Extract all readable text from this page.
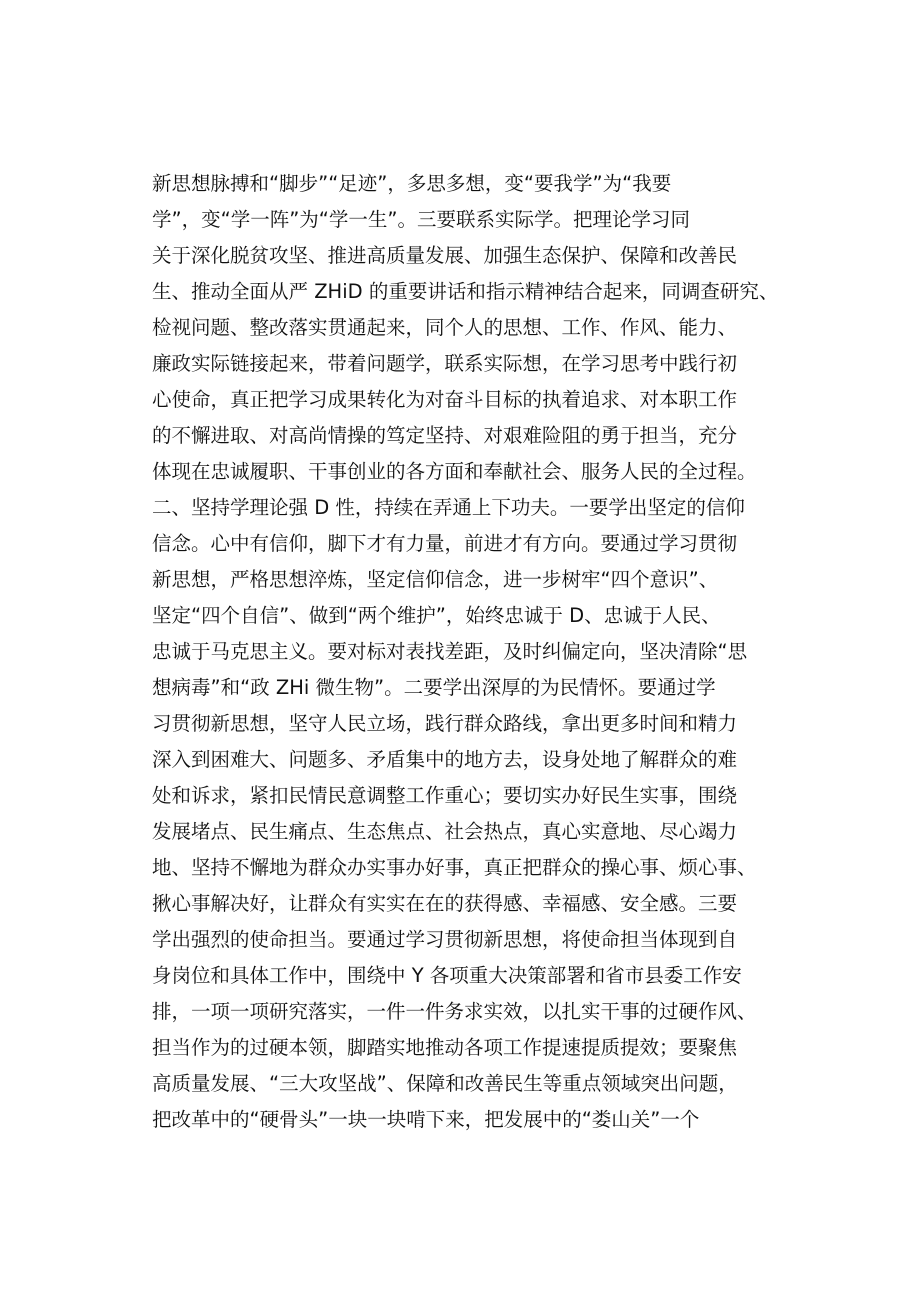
新思想脉搏和“脚步”“足迹”，多思多想，变“要我学”为“我要
学”，变“学一阵”为“学一生”。三要联系实际学。把理论学习同
关于深化脱贫攻坚、推进高质量发展、加强生态保护、保障和改善民
生、推动全面从严 ZHiD 的重要讲话和指示精神结合起来，同调查研究、
检视问题、整改落实贯通起来，同个人的思想、工作、作风、能力、
廉政实际链接起来，带着问题学，联系实际想，在学习思考中践行初
心使命，真正把学习成果转化为对奋斗目标的执着追求、对本职工作
的不懈进取、对高尚情操的笃定坚持、对艰难险阻的勇于担当，充分
体现在忠诚履职、干事创业的各方面和奉献社会、服务人民的全过程。
二、坚持学理论强 D 性，持续在弄通上下功夫。一要学出坚定的信仰
信念。心中有信仰，脚下才有力量，前进才有方向。要通过学习贯彻
新思想，严格思想淬炼，坚定信仰信念，进一步树牢“四个意识”、
坚定“四个自信”、做到“两个维护”，始终忠诚于 D、忠诚于人民、
忠诚于马克思主义。要对标对表找差距，及时纠偏定向，坚决清除“思
想病毒”和“政 ZHi 微生物”。二要学出深厚的为民情怀。要通过学
习贯彻新思想，坚守人民立场，践行群众路线，拿出更多时间和精力
深入到困难大、问题多、矛盾集中的地方去，设身处地了解群众的难
处和诉求，紧扣民情民意调整工作重心；要切实办好民生实事，围绕
发展堵点、民生痛点、生态焦点、社会热点，真心实意地、尽心竭力
地、坚持不懈地为群众办实事办好事，真正把群众的操心事、烦心事、
揪心事解决好，让群众有实实在在的获得感、幸福感、安全感。三要
学出强烈的使命担当。要通过学习贯彻新思想，将使命担当体现到自
身岗位和具体工作中，围绕中 Y 各项重大决策部署和省市县委工作安
排，一项一项研究落实，一件一件务求实效，以扎实干事的过硬作风、
担当作为的过硬本领，脚踏实地推动各项工作提速提质提效；要聚焦
高质量发展、“三大攻坚战”、保障和改善民生等重点领域突出问题，
把改革中的“硬骨头”一块一块啃下来，把发展中的“娄山关”一个
